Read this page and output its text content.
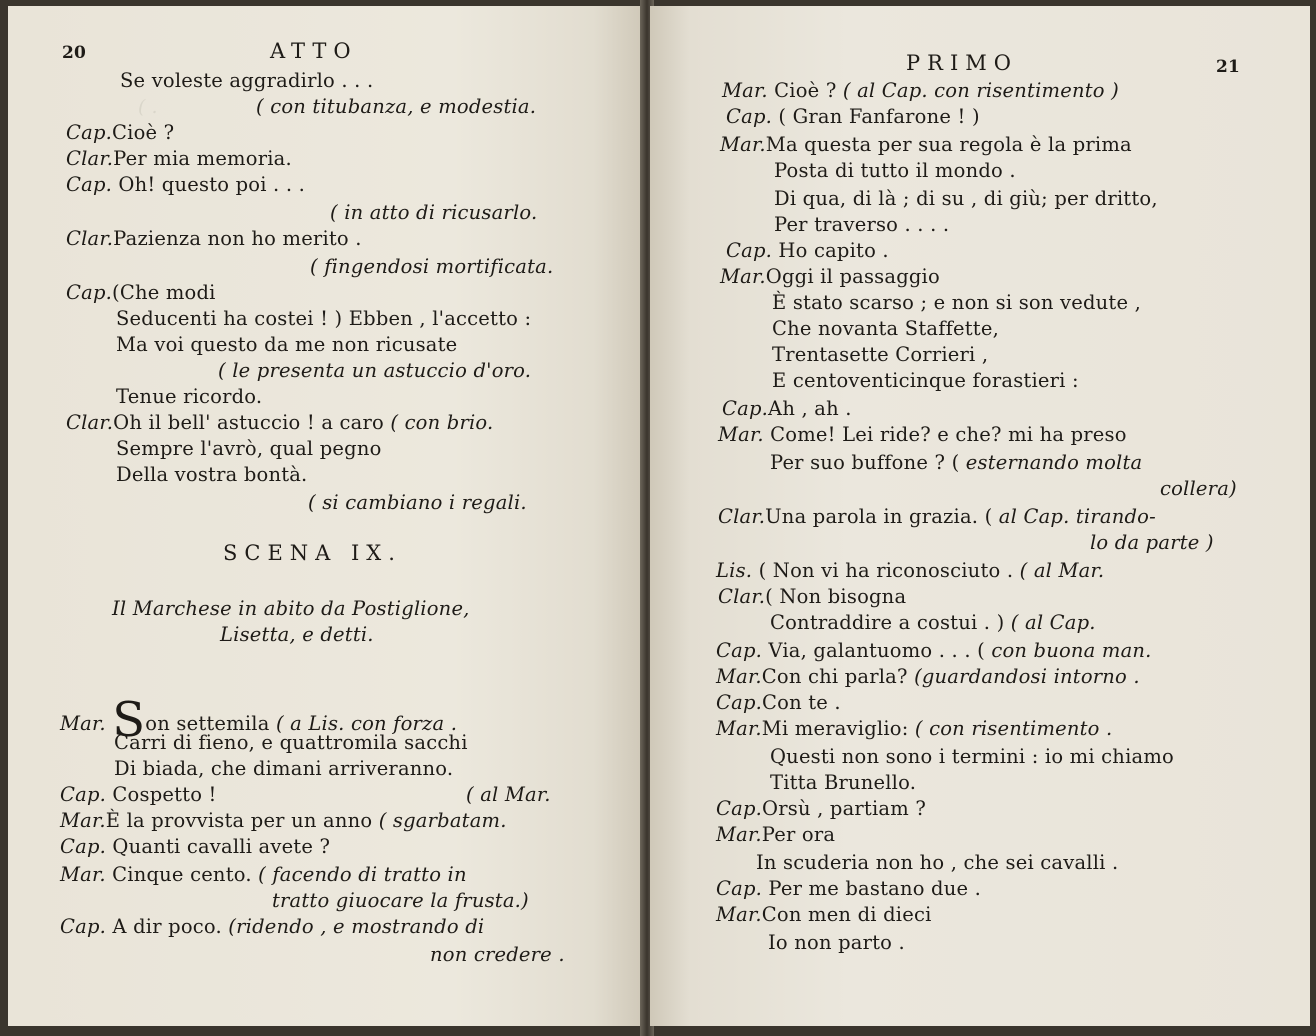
20	ATTO
Se voleste aggradirlo . . .
( con titubanza, e modestia.
Cap.Cioè ?
Clar.Per mia memoria.
Cap. Oh! questo poi . . .
( in atto di ricusarlo.
Clar.Pazienza non ho merito .
( fingendosi mortificata.
Cap.(Che modi
Seducenti ha costei ! ) Ebben , l'accetto :
Ma voi questo da me non ricusate
( le presenta un astuccio d'oro.
Tenue ricordo.
Clar.Oh il bell' astuccio ! a caro ( con brio.
Sempre l'avrò, qual pegno
Della vostra bontà.
( si cambiano i regali.
SCENA IX.
Il Marchese in abito da Postiglione,
Lisetta, e detti.
Mar. Son settemila ( a Lis. con forza .
Carri di fieno, e quattromila sacchi
Di biada, che dimani arriveranno.
Cap. Cospetto !	( al Mar.
Mar.È la provvista per un anno ( sgarbatam.
Cap. Quanti cavalli avete ?
Mar. Cinque cento. ( facendo di tratto in
tratto giuocare la frusta.)
Cap. A dir poco. (ridendo , e mostrando di
non credere .
( .
PRIMO	21
Mar. Cioè ? ( al Cap. con risentimento )
Cap. ( Gran Fanfarone ! )
Mar.Ma questa per sua regola è la prima
Posta di tutto il mondo .
Di qua, di là ; di su , di giù; per dritto,
Per traverso . . . .
Cap. Ho capito .
Mar.Oggi il passaggio
È stato scarso ; e non si son vedute ,
Che novanta Staffette,
Trentasette Corrieri ,
E centoventicinque forastieri :
Cap.Ah , ah .
Mar. Come! Lei ride? e che? mi ha preso
Per suo buffone ? ( esternando molta
collera)
Clar.Una parola in grazia. ( al Cap. tirando-
lo da parte )
Lis. ( Non vi ha riconosciuto . ( al Mar.
Clar.( Non bisogna
Contraddire a costui . ) ( al Cap.
Cap. Via, galantuomo . . . ( con buona man.
Mar.Con chi parla? (guardandosi intorno .
Cap.Con te .
Mar.Mi meraviglio: ( con risentimento .
Questi non sono i termini : io mi chiamo
Titta Brunello.
Cap.Orsù , partiam ?
Mar.Per ora
In scuderia non ho , che sei cavalli .
Cap. Per me bastano due .
Mar.Con men di dieci
Io non parto .
